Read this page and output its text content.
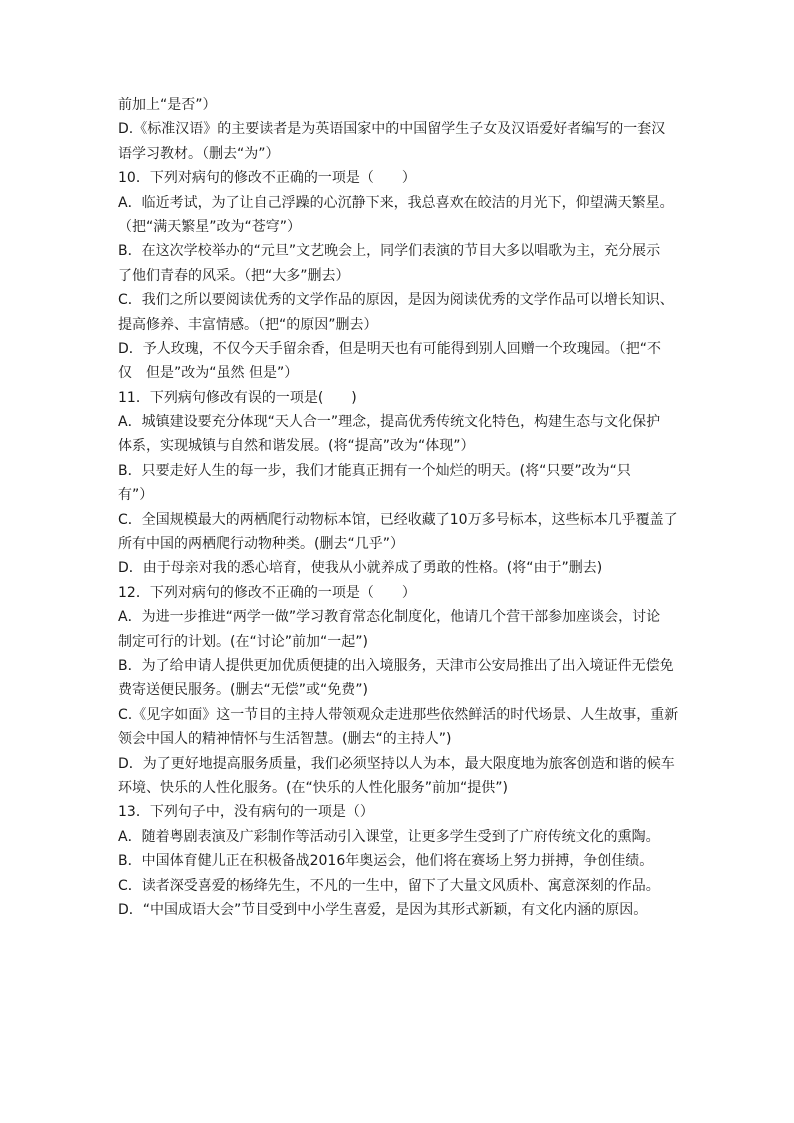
前加上“是否”）

D.《标准汉语》的主要读者是为英语国家中的中国留学生子女及汉语爱好者编写的一套汉

语学习教材。（删去“为”）

10．下列对病句的修改不正确的一项是（　　）

A．临近考试，为了让自己浮躁的心沉静下来，我总喜欢在皎洁的月光下，仰望满天繁星。

（把“满天繁星”改为“苍穹”）

B．在这次学校举办的“元旦”文艺晚会上，同学们表演的节目大多以唱歌为主，充分展示

了他们青春的风采。（把“大多”删去）

C．我们之所以要阅读优秀的文学作品的原因，是因为阅读优秀的文学作品可以增长知识、

提高修养、丰富情感。（把“的原因”删去）

D．予人玫瑰，不仅今天手留余香，但是明天也有可能得到别人回赠一个玫瑰园。（把“不

仅　但是”改为“虽然 但是”）

11．下列病句修改有误的一项是(　　)

A．城镇建设要充分体现“天人合一”理念，提高优秀传统文化特色，构建生态与文化保护

体系，实现城镇与自然和谐发展。(将“提高”改为“体现”）

B．只要走好人生的每一步，我们才能真正拥有一个灿烂的明天。(将“只要”改为“只

有”）

C．全国规模最大的两栖爬行动物标本馆，已经收藏了10万多号标本，这些标本几乎覆盖了

所有中国的两栖爬行动物种类。(删去“几乎”）

D．由于母亲对我的悉心培育，使我从小就养成了勇敢的性格。(将“由于”删去)

12．下列对病句的修改不正确的一项是（　　）

A．为进一步推进“两学一做”学习教育常态化制度化，他请几个营干部参加座谈会，讨论

制定可行的计划。(在“讨论”前加“一起”)

B．为了给申请人提供更加优质便捷的出入境服务，天津市公安局推出了出入境证件无偿免

费寄送便民服务。(删去“无偿”或“免费”)

C.《见字如面》这一节目的主持人带领观众走进那些依然鲜活的时代场景、人生故事，重新

领会中国人的精神情怀与生活智慧。(删去“的主持人”)

D．为了更好地提高服务质量，我们必须坚持以人为本，最大限度地为旅客创造和谐的候车

环境、快乐的人性化服务。(在“快乐的人性化服务”前加“提供”)

13．下列句子中，没有病句的一项是（）

A．随着粤剧表演及广彩制作等活动引入课堂，让更多学生受到了广府传统文化的熏陶。

B．中国体育健儿正在积极备战2016年奥运会，他们将在赛场上努力拼搏，争创佳绩。

C．读者深受喜爱的杨绛先生，不凡的一生中，留下了大量文风质朴、寓意深刻的作品。

D．“中国成语大会”节目受到中小学生喜爱，是因为其形式新颖，有文化内涵的原因。
